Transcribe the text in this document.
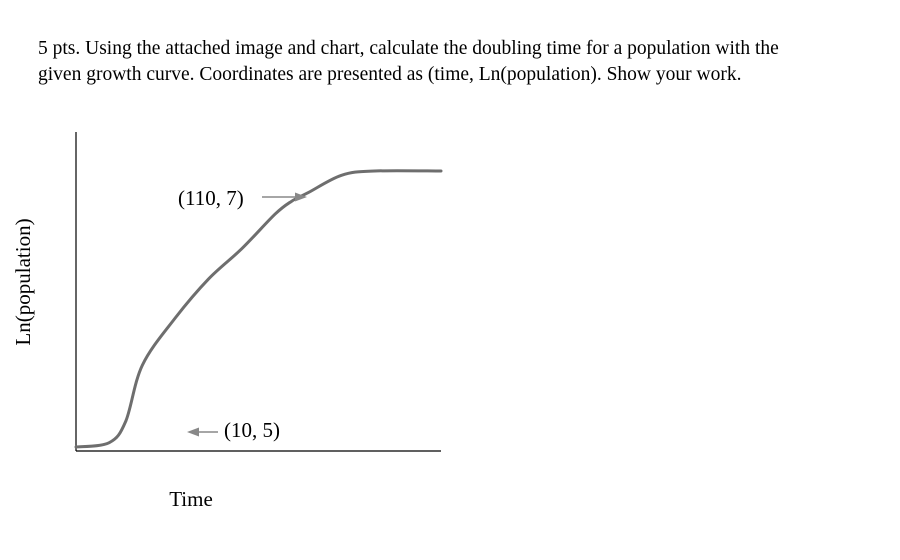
5 pts. Using the attached image and chart, calculate the doubling time for a population with the

given growth curve. Coordinates are presented as (time, Ln(population). Show your work.

(110, 7)
(10, 5)
Time
Ln(population)
